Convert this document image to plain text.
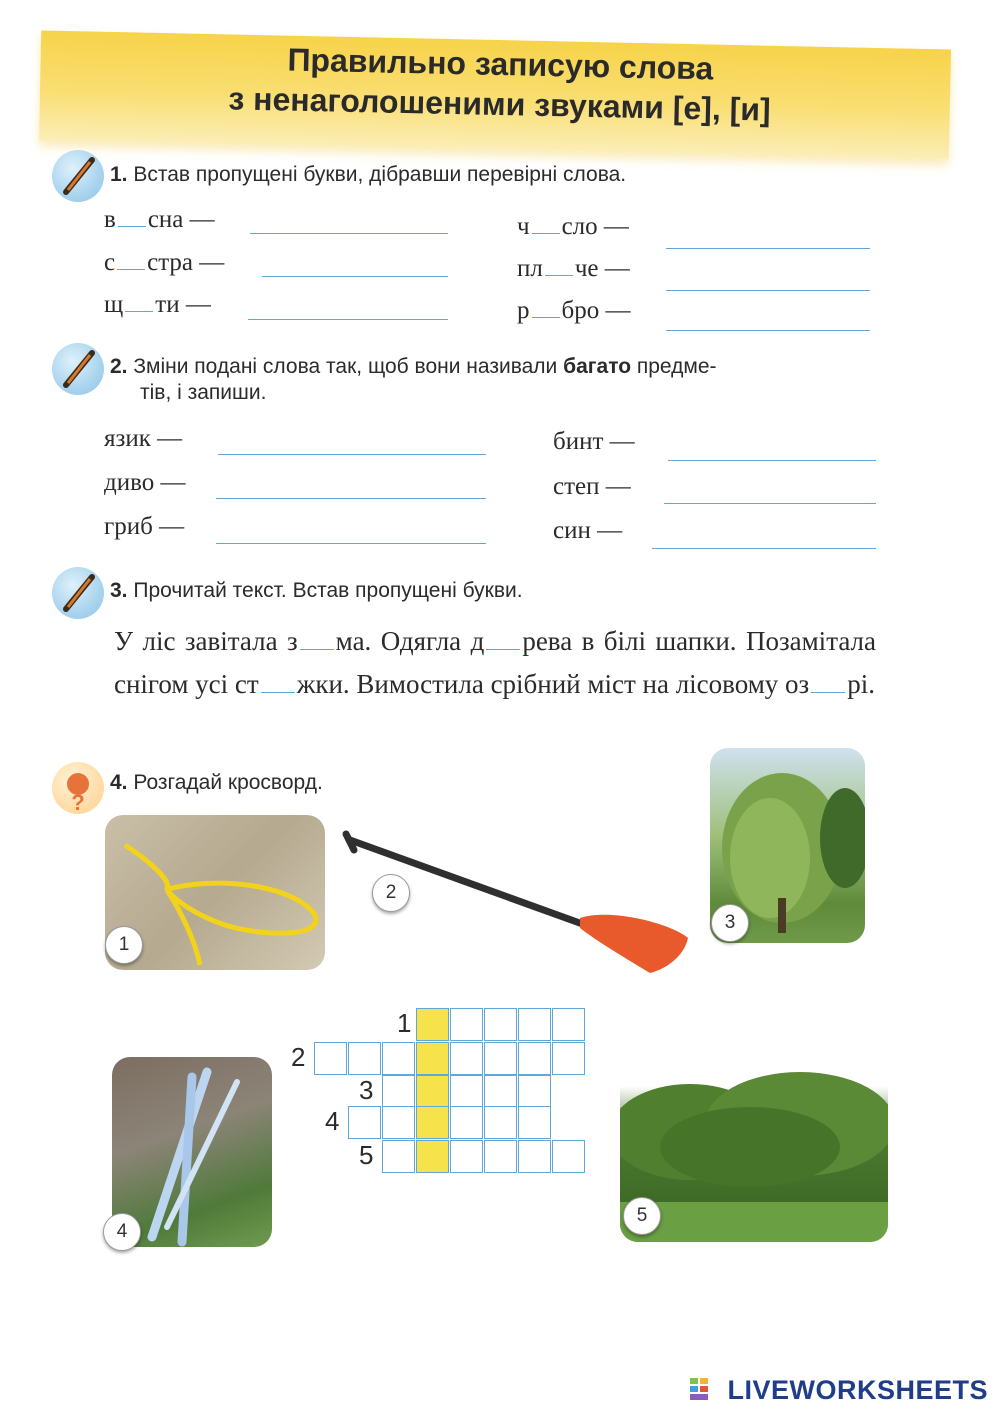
Правильно записую слова
з ненаголошеними звуками [е], [и]
1. Встав пропущені букви, дібравши перевірні слова.
в сна —
с стра —
щ ти —
ч сло —
пл че —
р бро —
2. Зміни подані слова так, щоб вони називали багато предме-
тів, і запиши.
язик —
диво —
гриб —
бинт —
степ —
син —
3. Прочитай текст. Встав пропущені букви.
У ліс завітала з ма. Одягла д рева в білі шапки. Позамітала снігом усі ст жки. Вимостила срібний міст на лісовому оз рі.
?
4. Розгадай кросворд.
1
2
3
4
5
1
2
3
4
5
LIVEWORKSHEETS
